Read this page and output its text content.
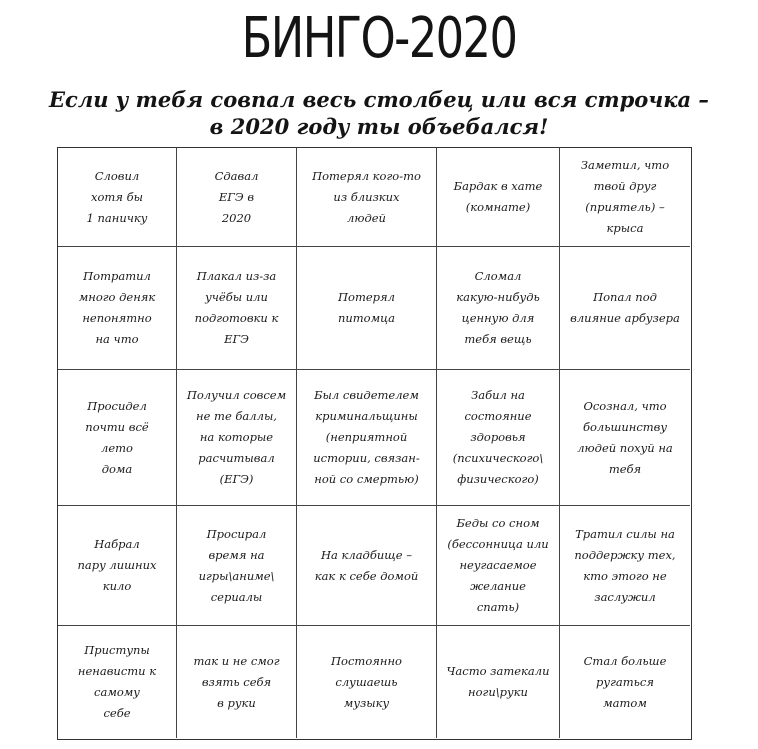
БИНГО-2020
Если у тебя совпал весь столбец или вся строчка –
в 2020 году ты объебался!
Словил
хотя бы
1 паничку
Сдавал
ЕГЭ в
2020
Потерял кого-то
из близких
людей
Бардак в хате
(комнате)
Заметил, что
твой друг
(приятель) –
крыса
Потратил
много деняк
непонятно
на что
Плакал из-за
учёбы или
подготовки к
ЕГЭ
Потерял
питомца
Сломал
какую-нибудь
ценную для
тебя вещь
Попал под
влияние арбузера
Просидел
почти всё
лето
дома
Получил совсем
не те баллы,
на которые
расчитывал
(ЕГЭ)
Был свидетелем
криминальщины
(неприятной
истории, связан-
ной со смертью)
Забил на
состояние
здоровья
(психического\
физического)
Осознал, что
большинству
людей похуй на
тебя
Набрал
пару лишних
кило
Просирал
время на
игры\аниме\
сериалы
На кладбище –
как к себе домой
Беды со сном
(бессонница или
неугасаемое
желание
спать)
Тратил силы на
поддержку тех,
кто этого не
заслужил
Приступы
ненависти к
самому
себе
так и не смог
взять себя
в руки
Постоянно
слушаешь
музыку
Часто затекали
ноги\руки
Стал больше
ругаться
матом
